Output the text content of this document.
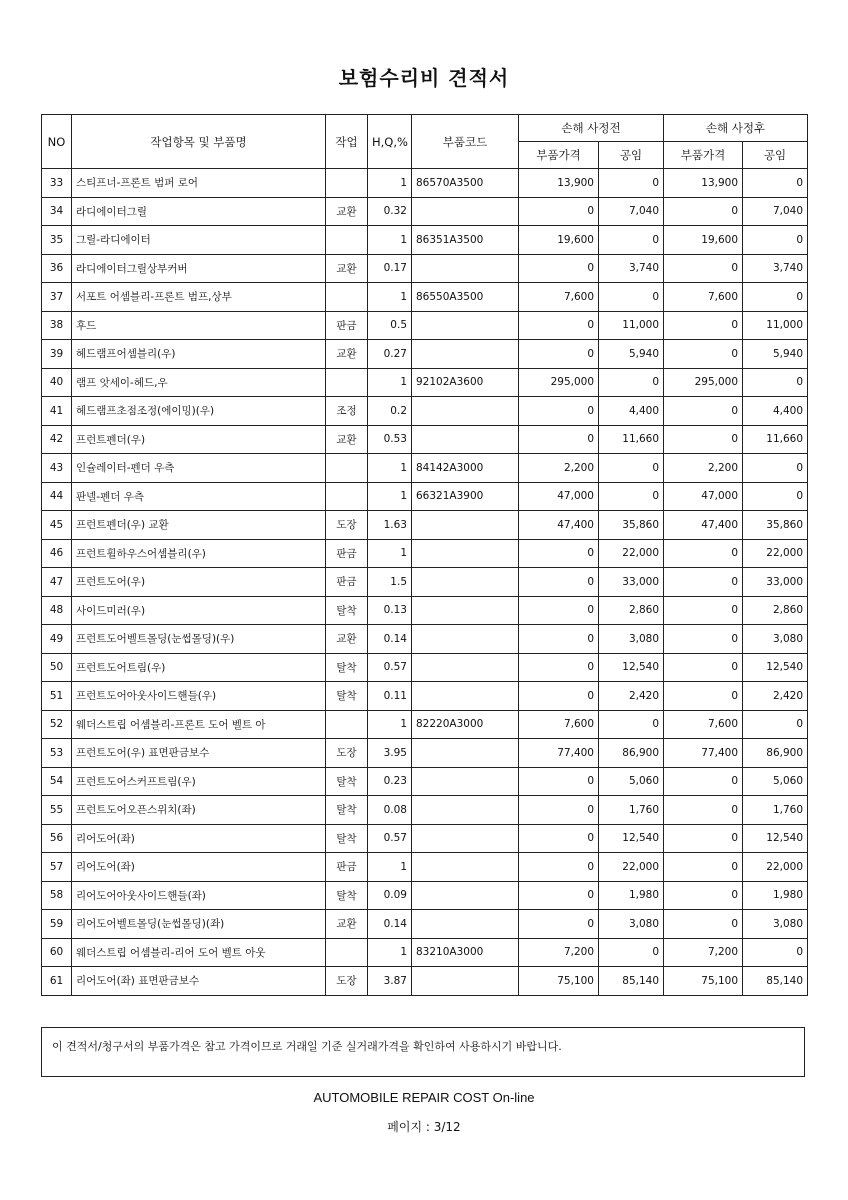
보험수리비 견적서
NO	작업항목 및 부품명	작업	H,Q,%	부품코드	손해 사정전		손해 사정후	
					부품가격	공임	부품가격	공임
33	스티프너-프론트 범퍼 로어		1	86570A3500	13,900	0	13,900	0
34	라디에이터그릴	교환	0.32		0	7,040	0	7,040
35	그릴-라디에이터		1	86351A3500	19,600	0	19,600	0
36	라디에이터그릴상부커버	교환	0.17		0	3,740	0	3,740
37	서포트 어셈블리-프론트 범프,상부		1	86550A3500	7,600	0	7,600	0
38	후드	판금	0.5		0	11,000	0	11,000
39	헤드램프어셈블리(우)	교환	0.27		0	5,940	0	5,940
40	램프 앗세이-헤드,우		1	92102A3600	295,000	0	295,000	0
41	헤드램프초점조정(에이밍)(우)	조정	0.2		0	4,400	0	4,400
42	프런트펜더(우)	교환	0.53		0	11,660	0	11,660
43	인슐레이터-펜더 우측		1	84142A3000	2,200	0	2,200	0
44	판넬-펜더 우측		1	66321A3900	47,000	0	47,000	0
45	프런트펜더(우) 교환	도장	1.63		47,400	35,860	47,400	35,860
46	프런트휠하우스어셈블리(우)	판금	1		0	22,000	0	22,000
47	프런트도어(우)	판금	1.5		0	33,000	0	33,000
48	사이드미러(우)	탈착	0.13		0	2,860	0	2,860
49	프런트도어벨트몰딩(눈썹몰딩)(우)	교환	0.14		0	3,080	0	3,080
50	프런트도어트림(우)	탈착	0.57		0	12,540	0	12,540
51	프런트도어아웃사이드핸들(우)	탈착	0.11		0	2,420	0	2,420
52	웨더스트립 어셈블리-프론트 도어 벨트 아		1	82220A3000	7,600	0	7,600	0
53	프런트도어(우) 표면판금보수	도장	3.95		77,400	86,900	77,400	86,900
54	프런트도어스커프트림(우)	탈착	0.23		0	5,060	0	5,060
55	프런트도어오픈스위치(좌)	탈착	0.08		0	1,760	0	1,760
56	리어도어(좌)	탈착	0.57		0	12,540	0	12,540
57	리어도어(좌)	판금	1		0	22,000	0	22,000
58	리어도어아웃사이드핸들(좌)	탈착	0.09		0	1,980	0	1,980
59	리어도어벨트몰딩(눈썹몰딩)(좌)	교환	0.14		0	3,080	0	3,080
60	웨더스트립 어셈블리-리어 도어 벨트 아웃		1	83210A3000	7,200	0	7,200	0
61	리어도어(좌) 표면판금보수	도장	3.87		75,100	85,140	75,100	85,140
이 견적서/청구서의 부품가격은 참고 가격이므로 거래일 기준 실거래가격을 확인하여 사용하시기 바랍니다.
AUTOMOBILE REPAIR COST On-line
페이지 : 3/12
